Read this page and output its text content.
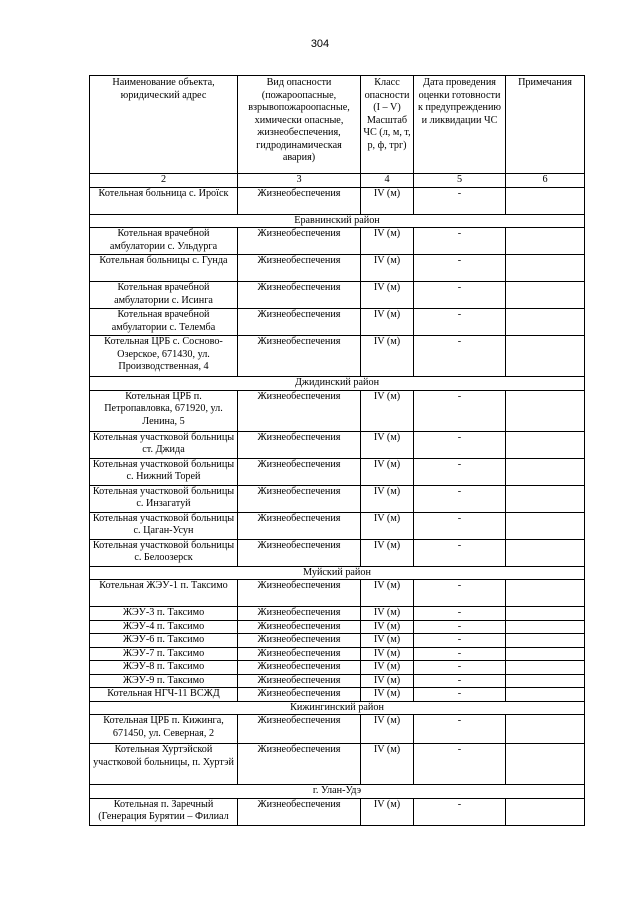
304
Наименование объекта, юридический адрес	Вид опасности (пожароопасные, взрывопожароопасные, химически опасные, жизнеобеспечения, гидродинамическая авария)	Класс опасности (I – V) Масштаб ЧС (л, м, т, р, ф, трг)	Дата проведения оценки готовности к предупреждению и ликвидации ЧС	Примечания
2	3	4	5	6
Котельная больница с. Ироїск	Жизнеобеспечения	IV (м)	-	
Еравнинский район				
Котельная врачебной амбулатории с. Ульдурга	Жизнеобеспечения	IV (м)	-	
Котельная больницы с. Гунда	Жизнеобеспечения	IV (м)	-	
Котельная врачебной амбулатории с. Исинга	Жизнеобеспечения	IV (м)	-	
Котельная врачебной амбулатории с. Телемба	Жизнеобеспечения	IV (м)	-	
Котельная ЦРБ с. Сосново-Озерское, 671430, ул. Производственная, 4	Жизнеобеспечения	IV (м)	-	
Джидинский район				
Котельная ЦРБ п. Петропавловка, 671920, ул. Ленина, 5	Жизнеобеспечения	IV (м)	-	
Котельная участковой больницы ст. Джида	Жизнеобеспечения	IV (м)	-	
Котельная участковой больницы с. Нижний Торей	Жизнеобеспечения	IV (м)	-	
Котельная участковой больницы с. Инзагатуй	Жизнеобеспечения	IV (м)	-	
Котельная участковой больницы с. Цаган-Усун	Жизнеобеспечения	IV (м)	-	
Котельная участковой больницы с. Белоозерск	Жизнеобеспечения	IV (м)	-	
Муйский район				
Котельная ЖЭУ-1 п. Таксимо	Жизнеобеспечения	IV (м)	-	
ЖЭУ-3 п. Таксимо	Жизнеобеспечения	IV (м)	-	
ЖЭУ-4 п. Таксимо	Жизнеобеспечения	IV (м)	-	
ЖЭУ-6 п. Таксимо	Жизнеобеспечения	IV (м)	-	
ЖЭУ-7 п. Таксимо	Жизнеобеспечения	IV (м)	-	
ЖЭУ-8 п. Таксимо	Жизнеобеспечения	IV (м)	-	
ЖЭУ-9 п. Таксимо	Жизнеобеспечения	IV (м)	-	
Котельная НГЧ-11 ВСЖД	Жизнеобеспечения	IV (м)	-	
Кижингинский район				
Котельная ЦРБ п. Кижинга, 671450, ул. Северная, 2	Жизнеобеспечения	IV (м)	-	
Котельная Хуртэйской участковой больницы, п. Хуртэй	Жизнеобеспечения	IV (м)	-	
г. Улан-Удэ				
Котельная п. Заречный (Генерация Бурятии – Филиал	Жизнеобеспечения	IV (м)	-	
